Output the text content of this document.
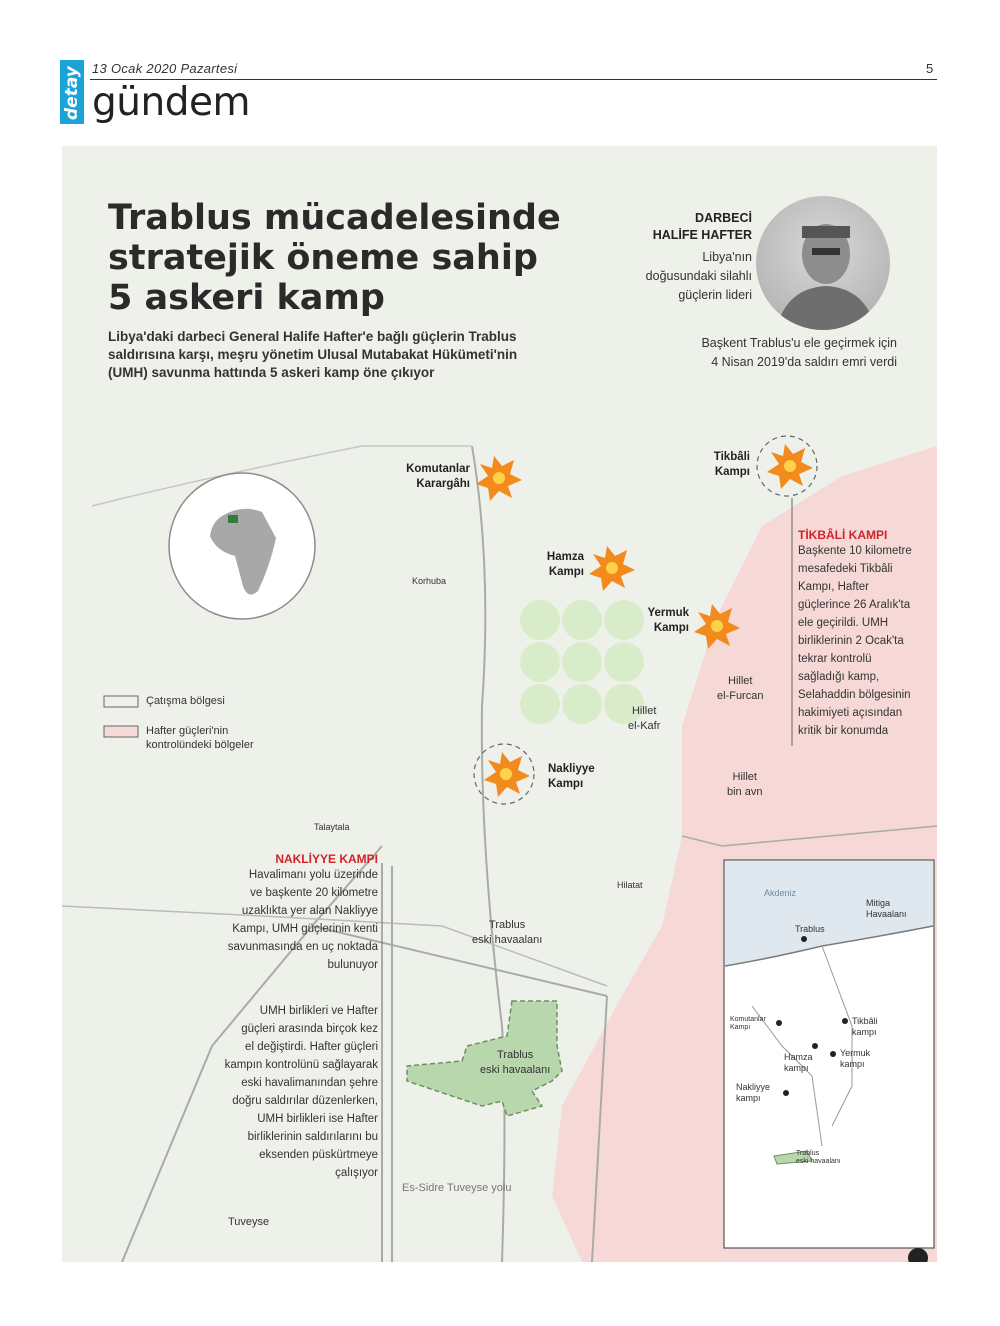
detay 13 Ocak 2020 Pazartesi	5
gündem
Trablus mücadelesinde
stratejik öneme sahip
5 askeri kamp
Libya'daki darbeci General Halife Hafter'e bağlı güçlerin Trablus saldırısına karşı, meşru yönetim Ulusal Mutabakat Hükümeti'nin (UMH) savunma hattında 5 askeri kamp öne çıkıyor
DARBECİ
HALİFE HAFTER
Libya'nın
doğusundaki silahlı
güçlerin lideri
Başkent Trablus'u ele geçirmek için
4 Nisan 2019'da saldırı emri verdi
Komutanlar
Karargâhı
Hamza
Kampı
Yermuk
Kampı
Tikbâli
Kampı
Nakliyye
Kampı
Korhuba
Hillet
el-Furcan
Hillet
el-Kafr
Hillet
bin avn
Talaytala
Hilatat
Trablus
eski havaalanı
Trablus
eski havaalanı
Tuveyse
Es-Sidre Tuveyse yolu
Çatışma bölgesi
Hafter güçleri'nin
kontrolündeki bölgeler
TİKBÂLİ KAMPI
Başkente 10 kilometre
mesafedeki Tikbâli
Kampı, Hafter
güçlerince 26 Aralık'ta
ele geçirildi. UMH
birliklerinin 2 Ocak'ta
tekrar kontrolü
sağladığı kamp,
Selahaddin bölgesinin
hakimiyeti açısından
kritik bir konumda
NAKLİYYE KAMPI
Havalimanı yolu üzerinde
ve başkente 20 kilometre
uzaklıkta yer alan Nakliyye
Kampı, UMH güçlerinin kenti
savunmasında en uç noktada
bulunuyor
UMH birlikleri ve Hafter
güçleri arasında birçok kez
el değiştirdi. Hafter güçleri
kampın kontrolünü sağlayarak
eski havalimanından şehre
doğru saldırılar düzenlerken,
UMH birlikleri ise Hafter
birliklerinin saldırılarını bu
eksenden püskürtmeye
çalışıyor
Akdeniz
Mitiga
Havaalanı
Trablus
Komutanlar
Kampı
Tikbâli
kampı
Hamza
kampı
Yermuk
kampı
Nakliyye
kampı
Trablus
eski havaalanı
